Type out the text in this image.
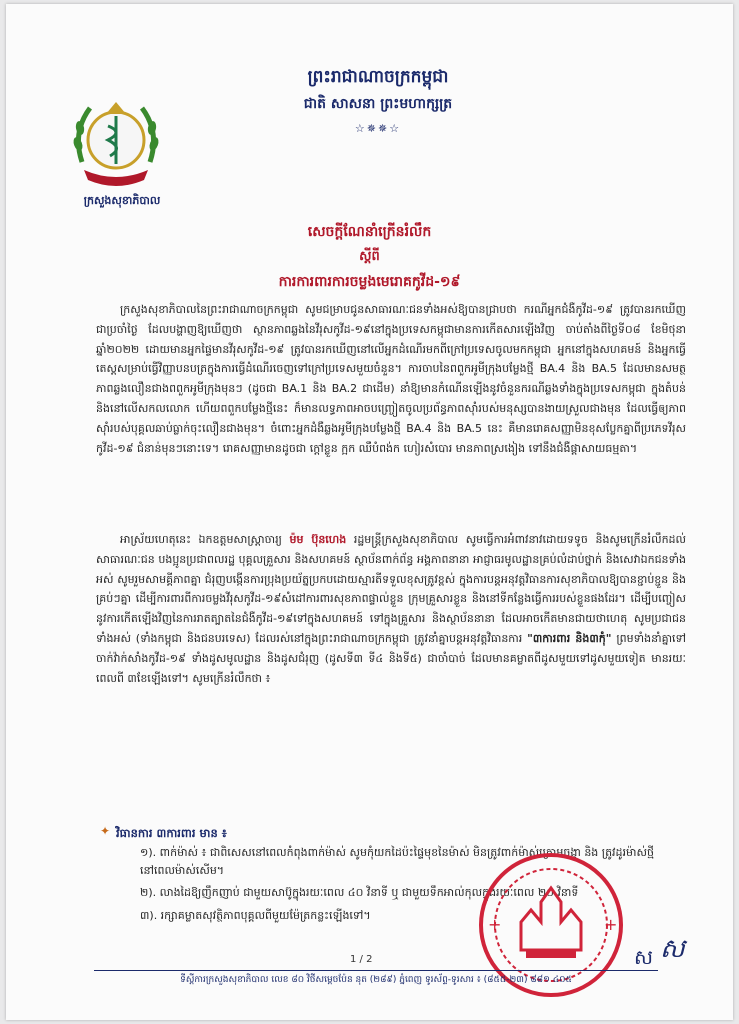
ព្រះរាជាណាចក្រកម្ពុជា
ជាតិ សាសនា ព្រះមហាក្សត្រ
☆✵✵☆
ក្រសួងសុខាភិបាល
សេចក្ដីណែនាំក្រើនរំលឹក
ស្ដីពី
ការការពារការចម្លងមេរោគកូវីដ-១៩

ក្រសួងសុខាភិបាលនៃព្រះរាជាណាចក្រកម្ពុជា សូមជម្រាបជូនសាធារណៈជនទាំងអស់ឱ្យបានជ្រាបថា ករណីអ្នកជំងឺកូវីដ-១៩ ត្រូវបានរកឃើញជាប្រចាំថ្ងៃ ដែលបង្ហាញឱ្យឃើញថា ស្ថានភាពឆ្លងនៃវីរុសកូវីដ-១៩នៅក្នុងប្រទេសកម្ពុជាមានការកើតសារឡើងវិញ ចាប់តាំងពីថ្ងៃទី០៨ ខែមិថុនា ឆ្នាំ២០២២ ដោយមានអ្នកផ្ទៃមានវីរុសកូវីដ-១៩ ត្រូវបានរកឃើញនៅលើអ្នកដំណើរមកពីក្រៅប្រទេសចូលមកកម្ពុជា អ្នកនៅក្នុងសហគមន៍ និងអ្នកធ្វើតេស្តសម្រាប់ធ្វើវិញ្ញាបនបត្រក្នុងការធ្វើដំណើរចេញទៅក្រៅប្រទេសមួយចំនួន។ ការចាបនៃពពួកអូមីក្រុងបម្លែងថ្មី BA.4 និង BA.5 ដែលមានសមត្ថភាពឆ្លងលឿនជាងពពួកអូមីក្រុងមុនៗ (ដូចជា BA.1 និង BA.2 ជាដើម) នាំឱ្យមានកំណើនឡើងនូវចំនួនករណីឆ្លងទាំងក្នុងប្រទេសកម្ពុជា ក្នុងតំបន់ និងនៅលើសកលលោក ហើយពពួកបម្លែងថ្មីនេះ ក៏មានលទ្ធភាពអាចបញ្ច្រៀតចូលប្រព័ន្ធភាពស៊ាំរបស់មនុស្សបានងាយស្រួលជាងមុន ដែលធ្វើឲ្យភាពស៊ាំរបស់បុគ្គលឆាប់ធ្លាក់ចុះលឿនជាងមុន។ ចំពោះអ្នកដំងឺឆ្លងអូមីក្រុងបម្លែងថ្មី BA.4 និង BA.5 នេះ គឺមានរោគសញ្ញាមិនខុសប្លែកគ្នាពីប្រភេទវីរុស កូវីដ-១៩ ជំនាន់មុនៗនោះទេ។ រោគសញ្ញាមានដូចជា ក្ដៅខ្លួន ក្អក ឈឺបំពង់ក ហៀរសំបោរ មានភាពស្រងៀង ទៅនឹងជំងឺផ្ដាសាយធម្មតា។

អាស្រ័យហេតុនេះ ឯកឧត្ដមសាស្ត្រាចារ្យ ម៉ម ប៊ុនហេង រដ្ឋមន្ត្រីក្រសួងសុខាភិបាល សូមធ្វើការអំពាវនាវដោយទទូច និងសូមក្រើនរំលឹកដល់សាធារណៈជន បងប្អូនប្រជាពលរដ្ឋ បុគ្គលគ្រួសារ និងសហគមន៍ ស្ថាប័នពាក់ព័ន្ធ អង្គភាពនានា អាជ្ញាធរមូលដ្ឋានគ្រប់លំដាប់ថ្នាក់ និងសេវាឯកជនទាំងអស់ សូមរួមសាមគ្គីភាពគ្នា ជំរុញបង្កើនការប្រុងប្រយ័ត្នប្រកបដោយស្មារតីទទួលខុសត្រូវខ្ពស់ ក្នុងការបន្តអនុវត្តវិធានការសុខាភិបាលឱ្យបានខ្ជាប់ខ្ជួន និងគ្រប់ៗគ្នា ដើម្បីការពារពីការចម្លងវីរុសកូវីដ-១៩សំដៅការពារសុខភាពផ្ទាល់ខ្លួន ក្រុមគ្រួសារខ្លួន និងនៅទីកន្លែងធ្វើការរបស់ខ្លួនផងដែរ។ ដើម្បីបញ្ចៀសនូវការកើតឡើងវិញនៃការរាតត្បាតនៃជំងឺកូវីដ-១៩ទៅក្នុងសហគមន៍ ទៅក្នុងគ្រួសារ និងស្ថាប័ននានា ដែលអាចកើតមានជាយថាហេតុ សូមប្រជាជនទាំងអស់ (ទាំងកម្ពុជា និងជនបរទេស) ដែលរស់នៅក្នុងព្រះរាជាណាចក្រកម្ពុជា ត្រូវនាំគ្នាបន្តអនុវត្តវិធានការ "៣ការពារ និង៣កុំ" ព្រមទាំងនាំគ្នាទៅចាក់វ៉ាក់សាំងកូវីដ-១៩ ទាំងដូសមូលដ្ឋាន និងដូសជំរុញ (ដូសទី៣ ទី៤ និងទី៥) ជាចាំបាច់ ដែលមានគម្លាតពីដូសមួយទៅដូសមួយទៀត មានរយៈពេលពី ៣ខែឡើងទៅ។ សូមក្រើនរំលឹកថា ៖

✦ វិធានការ ៣ការពារ មាន ៖
១). ពាក់ម៉ាស់ ៖ ជាពិសេសនៅពេលកំពុងពាក់ម៉ាស់ សូមកុំយកដៃប៉ះផ្ទៃមុខនៃម៉ាស់ មិនត្រូវពាក់ម៉ាស់ក្រោមចង្កា និង ត្រូវដូរម៉ាស់ថ្មី នៅពេលម៉ាស់សើម។
២). លាងដៃឱ្យញឹកញាប់ ជាមួយសាប៊ូក្នុងរយៈពេល ៤០ វិនាទី ឬ ជាមួយទឹកអាល់កុលក្នុងរយៈពេល ២០ វិនាទី
៣). រក្សាគម្លាតសុវត្ថិភាពបុគ្គលពីមួយម៉ែត្រកន្លះឡើងទៅ។	+	+
ស ស
1 / 2
ទីស្ដីការក្រសួងសុខាភិបាល លេខ ៨០ វិថីសម្ដេចប៉ែន នុត (២៨៩) ភ្នំពេញ ទូរស័ព្ទ-ទូរសារ ៖ (៨៥៥-២៣) ៨៨១ ៤០៥
